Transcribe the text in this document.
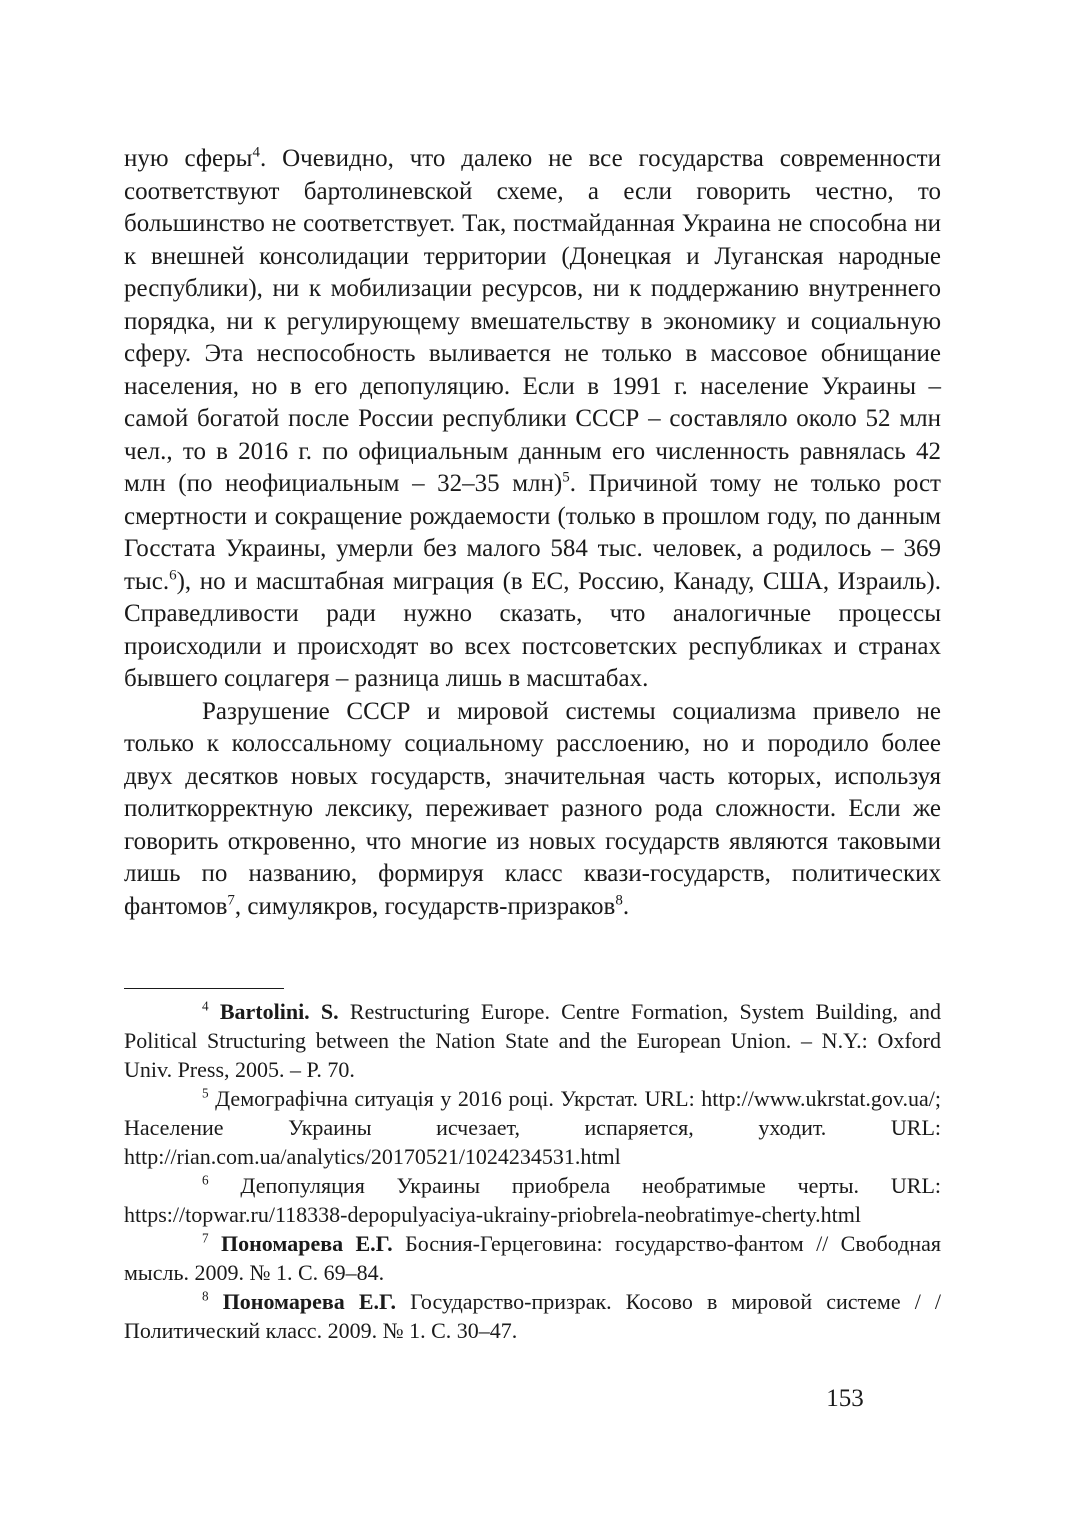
ную сферы$^4$. Очевидно, что далеко не все государства современности соответствуют бартолиневской схеме, а если говорить честно, то большинство не соответствует. Так, постмайданная Украина не способна ни к внешней консолидации территории (Донецкая и Луганская народные республики), ни к мобилизации ресурсов, ни к поддержанию внутреннего порядка, ни к регулирующему вмешательству в экономику и социальную сферу. Эта неспособность выливается не только в массовое обнищание населения, но в его депопуляцию. Если в 1991 г. население Украины – самой богатой после России республики СССР – составляло около 52 млн чел., то в 2016 г. по официальным данным его численность равнялась 42 млн (по неофициальным – 32–35 млн)$^5$. Причиной тому не только рост смертности и сокращение рождаемости (только в прошлом году, по данным Госстата Украины, умерли без малого 584 тыс. человек, а родилось – 369 тыс.$^6$), но и масштабная миграция (в ЕС, Россию, Канаду, США, Израиль). Справедливости ради нужно сказать, что аналогичные процессы происходили и происходят во всех постсоветских республиках и странах бывшего соцлагеря – разница лишь в масштабах.

Разрушение СССР и мировой системы социализма привело не только к колоссальному социальному расслоению, но и породило более двух десятков новых государств, значительная часть которых, используя политкорректную лексику, переживает разного рода сложности. Если же говорить откровенно, что многие из новых государств являются таковыми лишь по названию, формируя класс квази-государств, политических фантомов$^7$, симулякров, государств-призраков$^8$.

$^4$ Bartolini. S. Restructuring Europe. Centre Formation, System Building, and Political Structuring between the Nation State and the European Union. – N.Y.: Oxford Univ. Press, 2005. – P. 70.

$^5$ Демографічна ситуація у 2016 році. Укрстат. URL: http://www.ukrstat.gov.ua/; Население Украины исчезает, испаряется, уходит. URL: http://rian.com.ua/analytics/20170521/1024234531.html

$^6$ Депопуляция Украины приобрела необратимые черты. URL: https://topwar.ru/118338-depopulyaciya-ukrainy-priobrela-neobratimye-cherty.html

$^7$ Пономарева Е.Г. Босния-Герцеговина: государство-фантом // Свободная мысль. 2009. № 1. С. 69–84.

$^8$ Пономарева Е.Г. Государство-призрак. Косово в мировой системе / / Политический класс. 2009. № 1. С. 30–47.

153
